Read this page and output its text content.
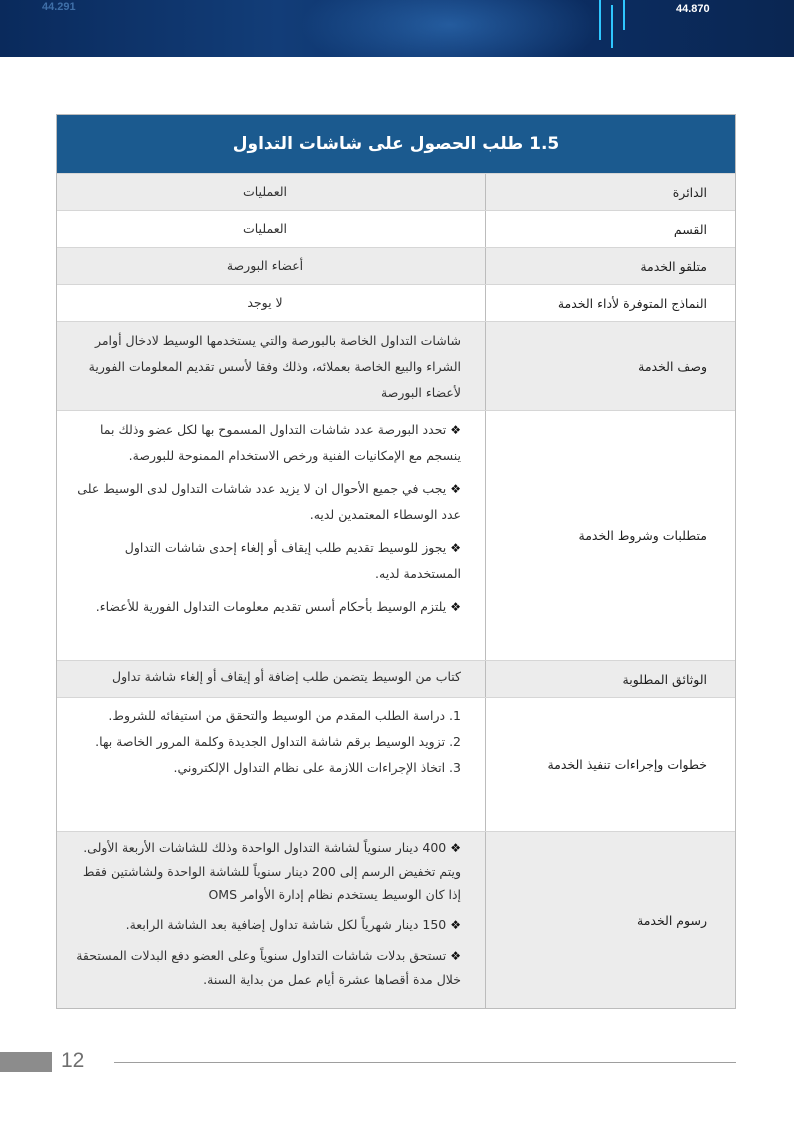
44.291	44.870
1.5 طلب الحصول على شاشات التداول
الدائرة
العمليات
القسم
العمليات
متلقو الخدمة
أعضاء البورصة
النماذج المتوفرة لأداء الخدمة
لا يوجد
وصف الخدمة
شاشات التداول الخاصة بالبورصة والتي يستخدمها الوسيط لادخال أوامر الشراء والبيع الخاصة بعملائه، وذلك وفقا لأسس تقديم المعلومات الفورية لأعضاء البورصة
متطلبات وشروط الخدمة

❖ تحدد البورصة عدد شاشات التداول المسموح بها لكل عضو وذلك بما ينسجم مع الإمكانيات الفنية ورخص الاستخدام الممنوحة للبورصة.

❖ يجب في جميع الأحوال ان لا يزيد عدد شاشات التداول لدى الوسيط على عدد الوسطاء المعتمدين لديه.

❖ يجوز للوسيط تقديم طلب إيقاف أو إلغاء إحدى شاشات التداول المستخدمة لديه.

❖ يلتزم الوسيط بأحكام أسس تقديم معلومات التداول الفورية للأعضاء.

الوثائق المطلوبة
كتاب من الوسيط يتضمن طلب إضافة أو إيقاف أو إلغاء شاشة تداول
خطوات وإجراءات تنفيذ الخدمة

1. دراسة الطلب المقدم من الوسيط والتحقق من استيفائه للشروط.

2. تزويد الوسيط برقم شاشة التداول الجديدة وكلمة المرور الخاصة بها.

3. اتخاذ الإجراءات اللازمة على نظام التداول الإلكتروني.

رسوم الخدمة

❖ 400 دينار سنوياً لشاشة التداول الواحدة وذلك للشاشات الأربعة الأولى. ويتم تخفيض الرسم إلى 200 دينار سنوياً للشاشة الواحدة ولشاشتين فقط إذا كان الوسيط يستخدم نظام إدارة الأوامر OMS

❖ 150 دينار شهرياً لكل شاشة تداول إضافية بعد الشاشة الرابعة.

❖ تستحق بدلات شاشات التداول سنوياً وعلى العضو دفع البدلات المستحقة خلال مدة أقصاها عشرة أيام عمل من بداية السنة.

12
